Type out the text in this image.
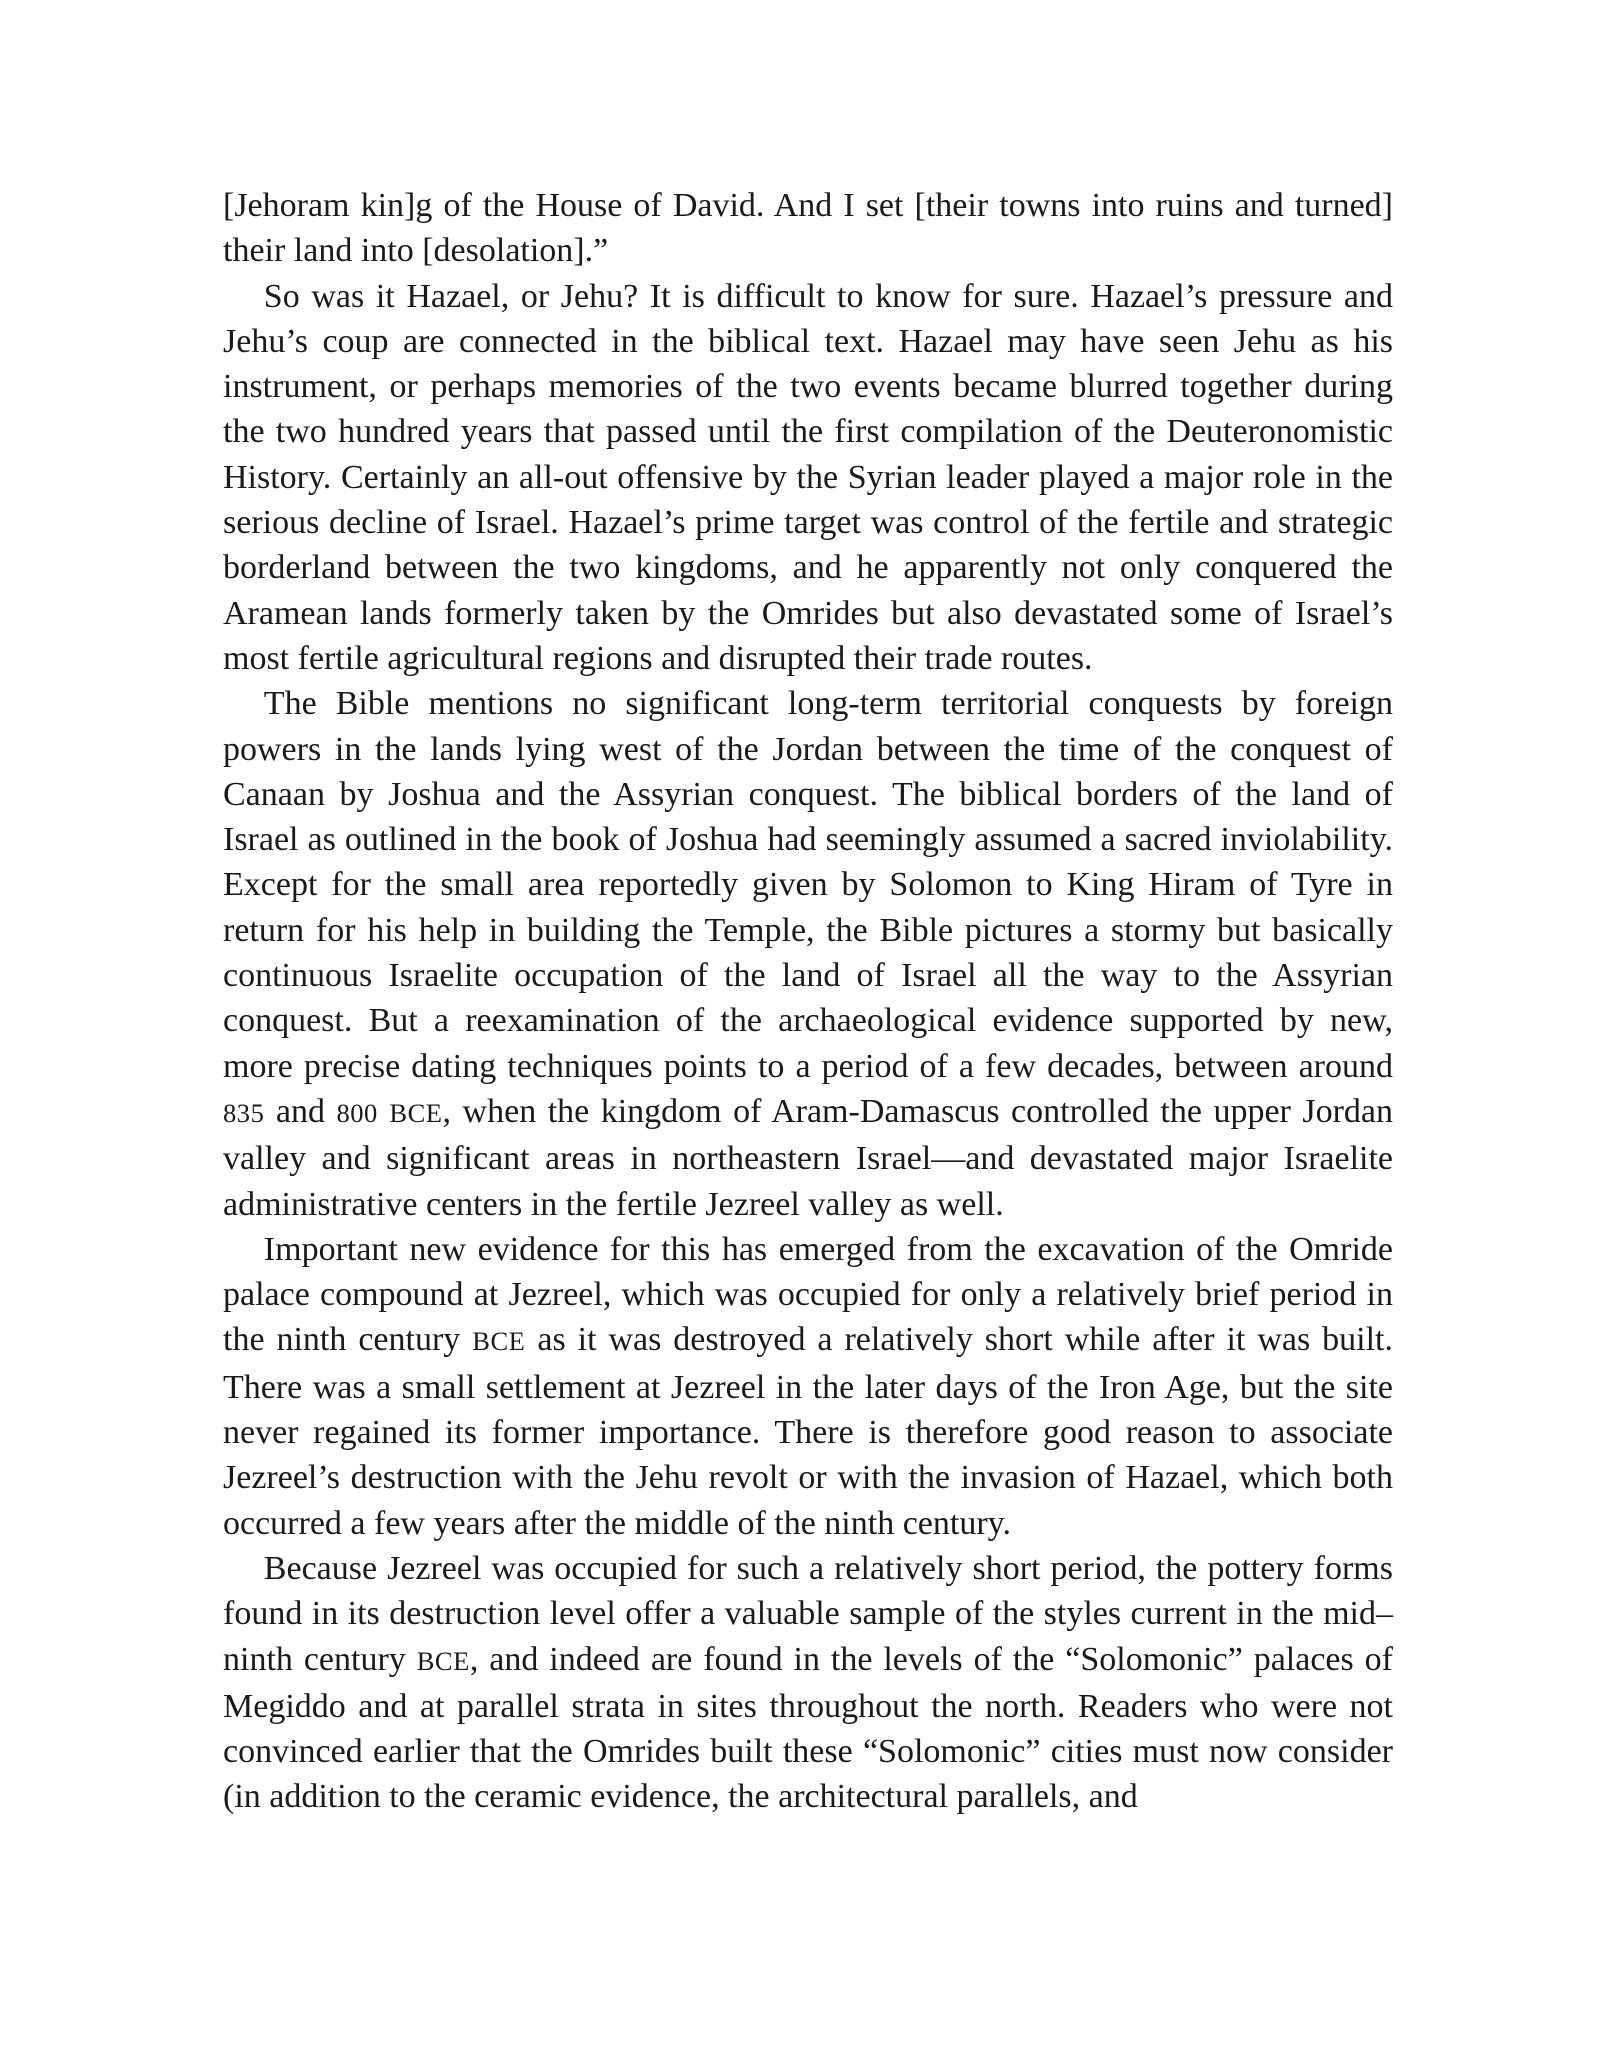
[Jehoram kin]g of the House of David. And I set [their towns into ruins and turned] their land into [desolation].”

So was it Hazael, or Jehu? It is difficult to know for sure. Hazael’s pressure and Jehu’s coup are connected in the biblical text. Hazael may have seen Jehu as his instrument, or perhaps memories of the two events became blurred together during the two hundred years that passed until the first compilation of the Deuteronomistic History. Certainly an all-out offensive by the Syrian leader played a major role in the serious decline of Israel. Hazael’s prime target was control of the fertile and strategic borderland between the two kingdoms, and he apparently not only conquered the Aramean lands formerly taken by the Omrides but also devastated some of Israel’s most fertile agricultural regions and disrupted their trade routes.

The Bible mentions no significant long-term territorial conquests by foreign powers in the lands lying west of the Jordan between the time of the conquest of Canaan by Joshua and the Assyrian conquest. The biblical borders of the land of Israel as outlined in the book of Joshua had seemingly assumed a sacred inviolability. Except for the small area reportedly given by Solomon to King Hiram of Tyre in return for his help in building the Temple, the Bible pictures a stormy but basically continuous Israelite occupation of the land of Israel all the way to the Assyrian conquest. But a reexamination of the archaeological evidence supported by new, more precise dating techniques points to a period of a few decades, between around 835 and 800 BCE, when the kingdom of Aram-Damascus controlled the upper Jordan valley and significant areas in northeastern Israel—and devastated major Israelite administrative centers in the fertile Jezreel valley as well.

Important new evidence for this has emerged from the excavation of the Omride palace compound at Jezreel, which was occupied for only a relatively brief period in the ninth century BCE as it was destroyed a relatively short while after it was built. There was a small settlement at Jezreel in the later days of the Iron Age, but the site never regained its former importance. There is therefore good reason to associate Jezreel’s destruction with the Jehu revolt or with the invasion of Hazael, which both occurred a few years after the middle of the ninth century.

Because Jezreel was occupied for such a relatively short period, the pottery forms found in its destruction level offer a valuable sample of the styles current in the mid–ninth century BCE, and indeed are found in the levels of the “Solomonic” palaces of Megiddo and at parallel strata in sites throughout the north. Readers who were not convinced earlier that the Omrides built these “Solomonic” cities must now consider (in addition to the ceramic evidence, the architectural parallels, and
